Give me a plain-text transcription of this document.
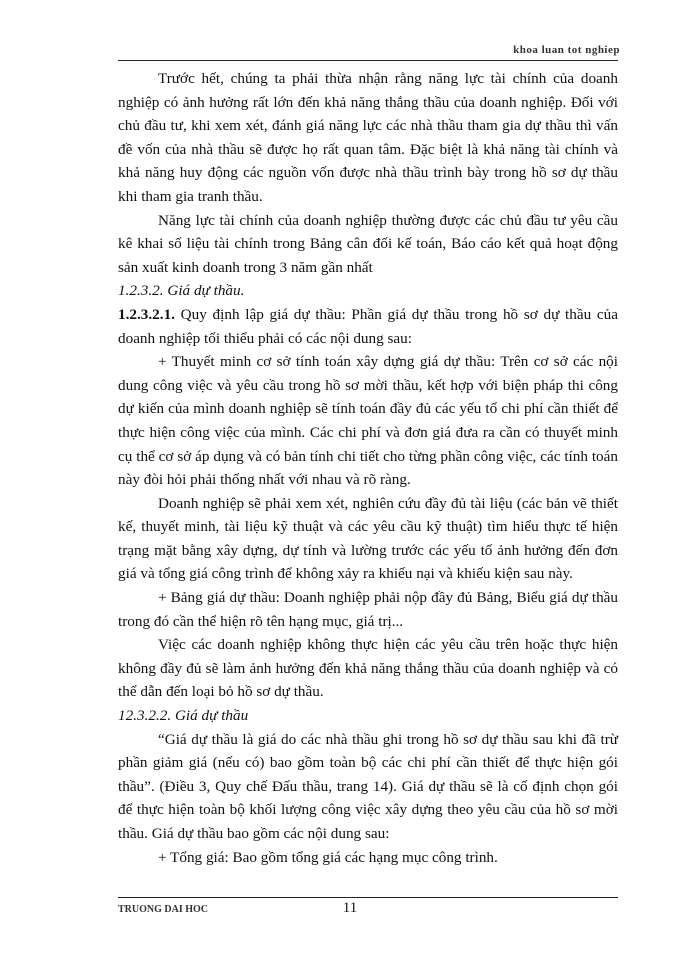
khoa luan tot nghiep

Trước hết, chúng ta phải thừa nhận rằng năng lực tài chính của doanh nghiệp có ảnh hưởng rất lớn đến khả năng thắng thầu của doanh nghiệp. Đối với chủ đầu tư, khi xem xét, đánh giá năng lực các nhà thầu tham gia dự thầu thì vấn đề vốn của nhà thầu sẽ được họ rất quan tâm. Đặc biệt là khả năng tài chính và khả năng huy động các nguồn vốn được nhà thầu trình bày trong hồ sơ dự thầu khi tham gia tranh thầu.

Năng lực tài chính của doanh nghiệp thường được các chủ đầu tư yêu cầu kê khai số liệu tài chính trong Bảng cân đối kế toán, Báo cáo kết quả hoạt động sản xuất kinh doanh trong 3 năm gần nhất

1.2.3.2. Giá dự thầu.

1.2.3.2.1. Quy định lập giá dự thầu: Phần giá dự thầu trong hồ sơ dự thầu của doanh nghiệp tối thiểu phải có các nội dung sau:

+ Thuyết minh cơ sở tính toán xây dựng giá dự thầu: Trên cơ sở các nội dung công việc và yêu cầu trong hồ sơ mời thầu, kết hợp với biện pháp thi công dự kiến của mình doanh nghiệp sẽ tính toán đầy đủ các yếu tố chi phí cần thiết để thực hiện công việc của mình. Các chi phí và đơn giá đưa ra cần có thuyết minh cụ thể cơ sở áp dụng và có bản tính chi tiết cho từng phần công việc, các tính toán này đòi hỏi phải thống nhất với nhau và rõ ràng.

Doanh nghiệp sẽ phải xem xét, nghiên cứu đầy đủ tài liệu (các bản vẽ thiết kế, thuyết minh, tài liệu kỹ thuật và các yêu cầu kỹ thuật) tìm hiểu thực tế hiện trạng mặt bằng xây dựng, dự tính và lường trước các yếu tố ảnh hưởng đến đơn giá và tổng giá công trình để không xảy ra khiếu nại và khiếu kiện sau này.

+ Bảng giá dự thầu: Doanh nghiệp phải nộp đầy đủ Bảng, Biểu giá dự thầu trong đó cần thể hiện rõ tên hạng mục, giá trị...

Việc các doanh nghiệp không thực hiện các yêu cầu trên hoặc thực hiện không đầy đủ sẽ làm ảnh hưởng đến khả năng thắng thầu của doanh nghiệp và có thể dẫn đến loại bỏ hồ sơ dự thầu.

12.3.2.2. Giá dự thầu

“Giá dự thầu là giá do các nhà thầu ghi trong hồ sơ dự thầu sau khi đã trừ phần giảm giá (nếu có) bao gồm toàn bộ các chi phí cần thiết để thực hiện gói thầu”. (Điều 3, Quy chế Đấu thầu, trang 14). Giá dự thầu sẽ là cố định chọn gói để thực hiện toàn bộ khối lượng công việc xây dựng theo yêu cầu của hồ sơ mời thầu. Giá dự thầu bao gồm các nội dung sau:

+ Tổng giá: Bao gồm tổng giá các hạng mục công trình.

TRUONG DAI HOC	11
